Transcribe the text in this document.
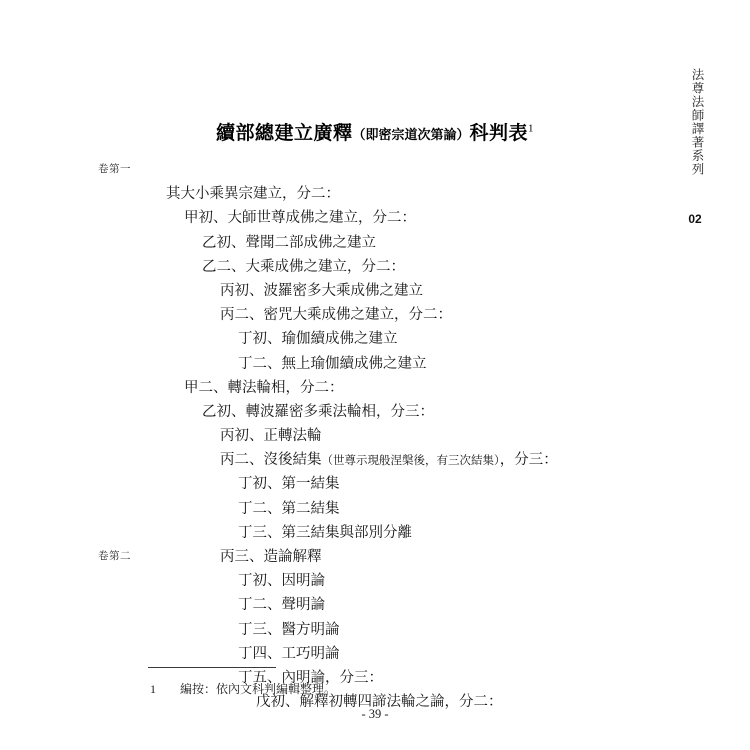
法尊法師譯著系列
02
續部總建立廣釋（即密宗道次第論）科判表$^1$
卷第一
其大小乘異宗建立，分二：
甲初、大師世尊成佛之建立，分二：
乙初、聲聞二部成佛之建立
乙二、大乘成佛之建立，分二：
丙初、波羅密多大乘成佛之建立
丙二、密咒大乘成佛之建立，分二：
丁初、瑜伽續成佛之建立
丁二、無上瑜伽續成佛之建立
甲二、轉法輪相，分二：
乙初、轉波羅密多乘法輪相，分三：
丙初、正轉法輪
丙二、沒後結集（世尊示現般涅槃後，有三次結集），分三：
丁初、第一結集
丁二、第二結集
丁三、第三結集與部別分離
卷第二	丙三、造論解釋
丁初、因明論
丁二、聲明論
丁三、醫方明論
丁四、工巧明論
丁五、內明論，分三：
戊初、解釋初轉四諦法輪之論，分二：
1 編按：依內文科判編輯整理。
- 39 -
